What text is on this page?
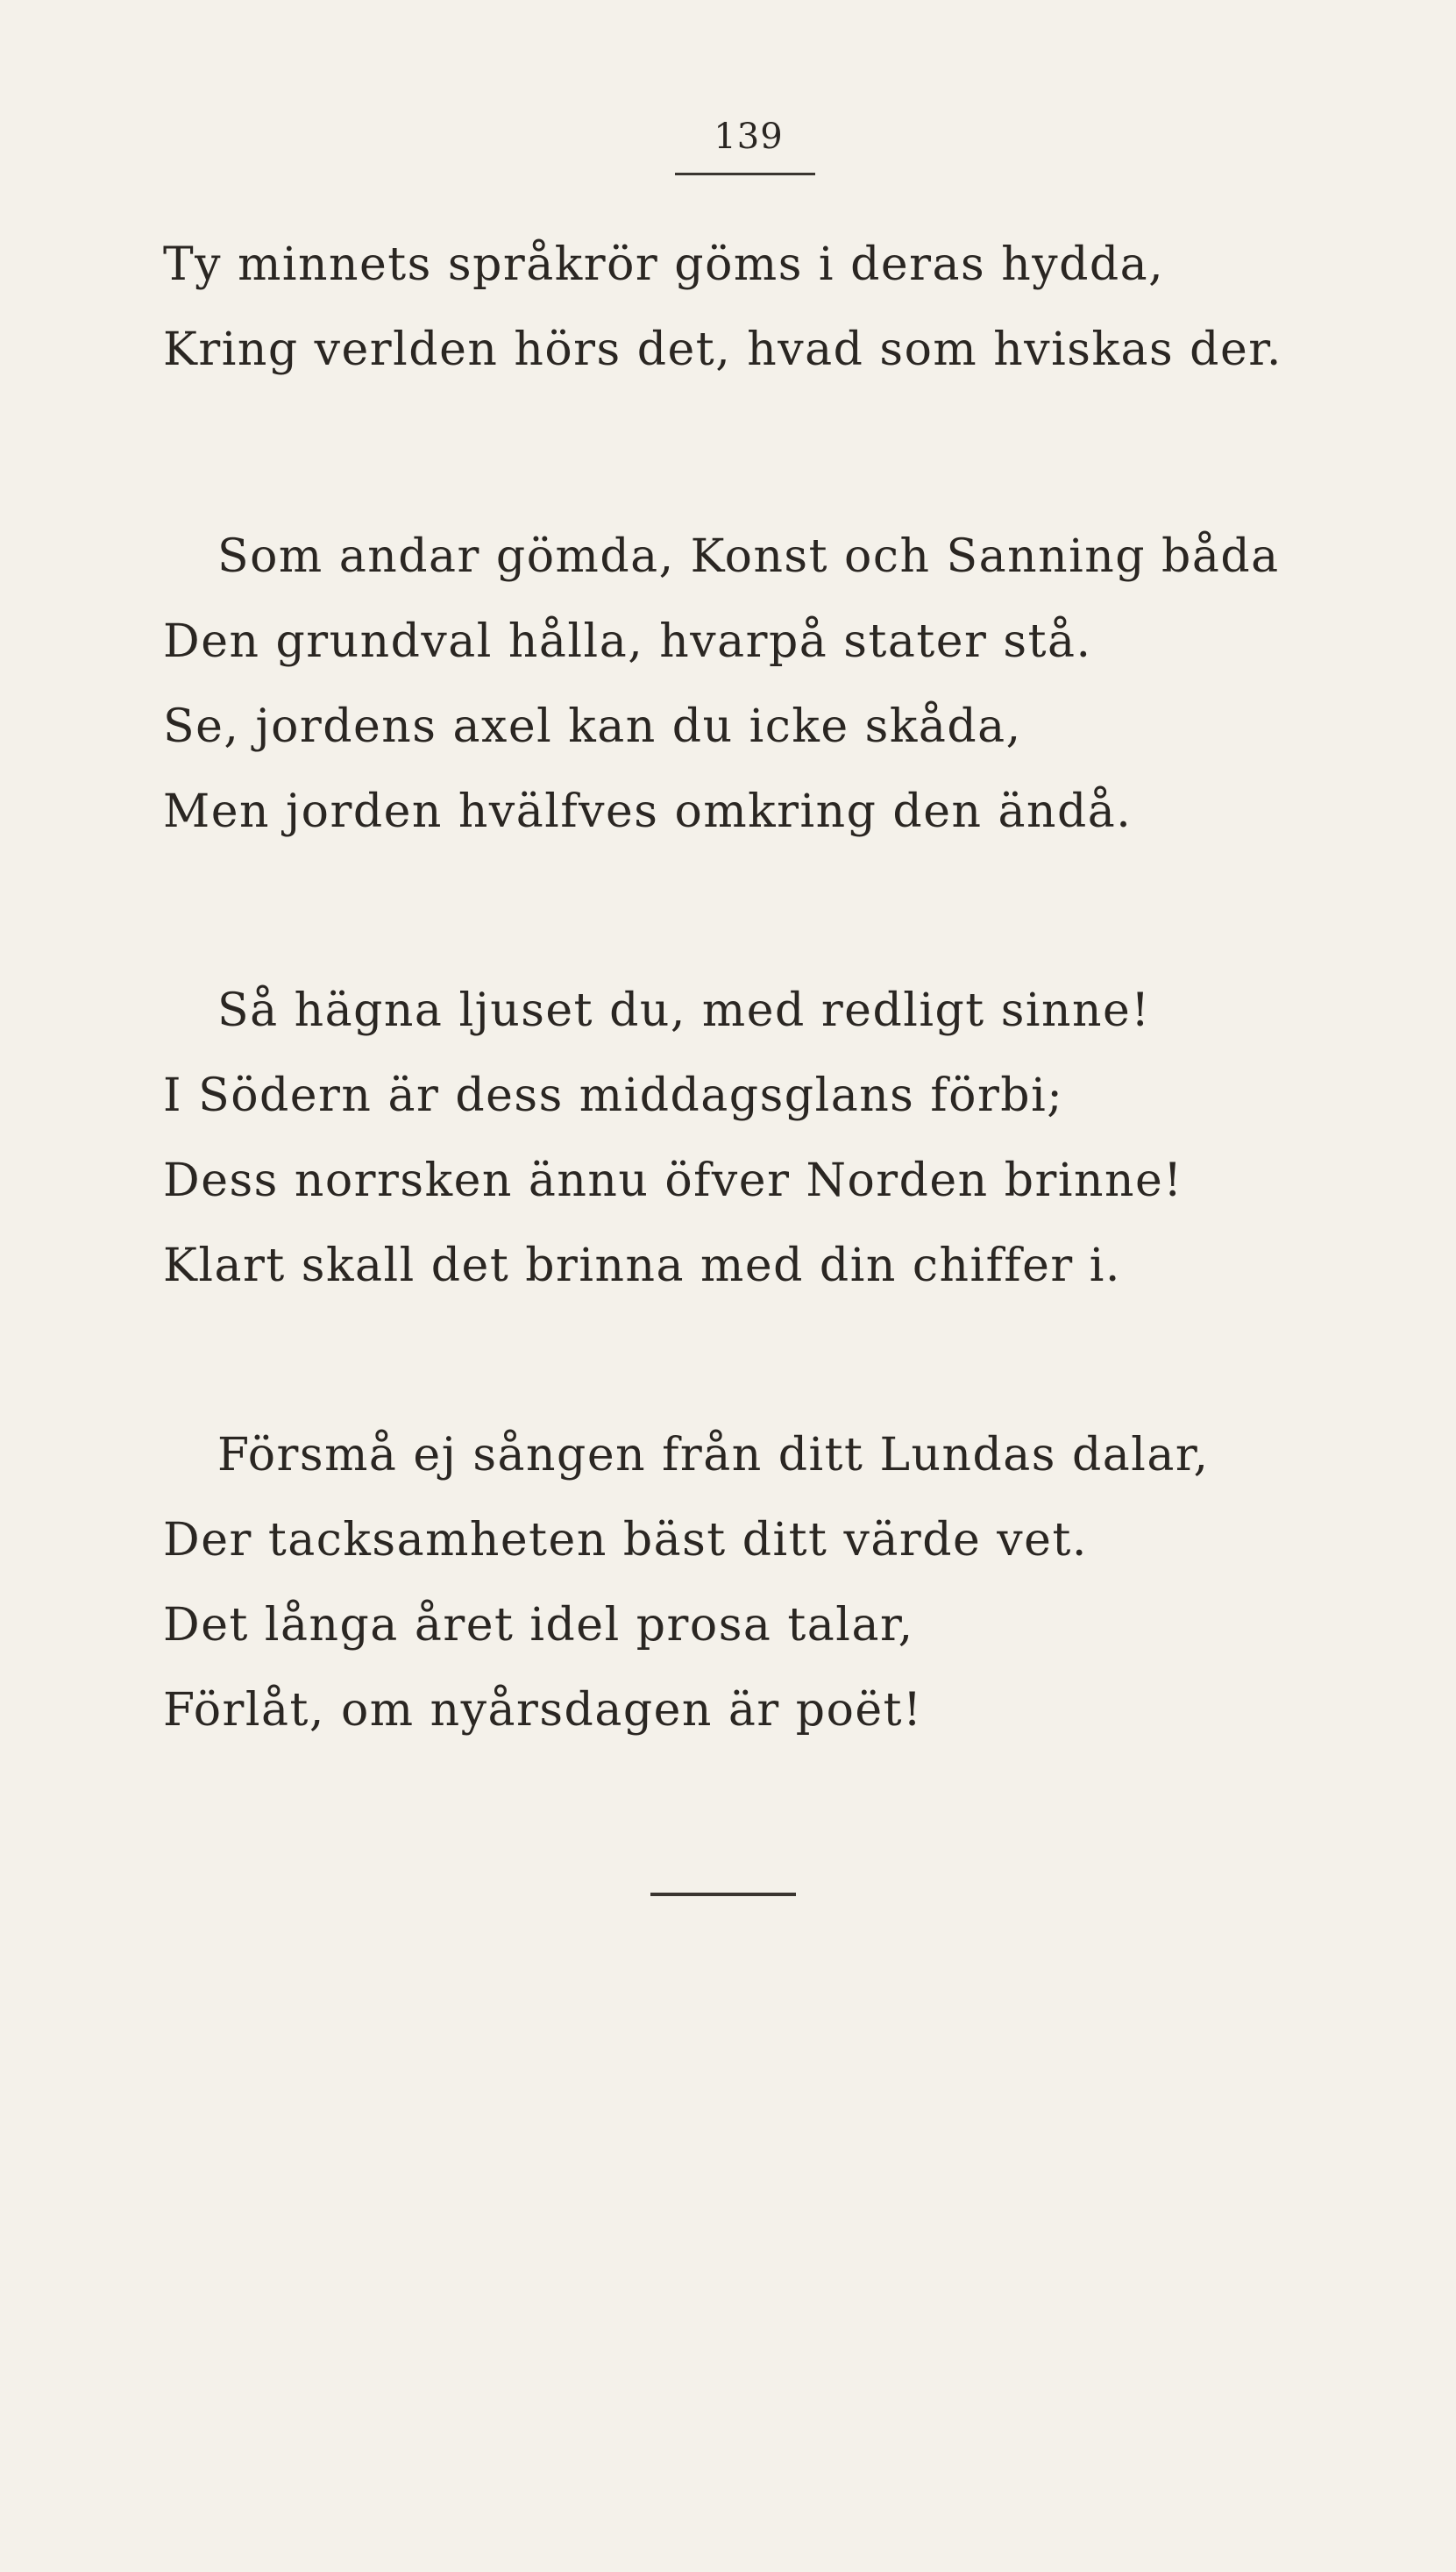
139
Ty minnets språkrör göms i deras hydda,
Kring verlden hörs det, hvad som hviskas der.
Som andar gömda, Konst och Sanning båda
Den grundval hålla, hvarpå stater stå.
Se, jordens axel kan du icke skåda,
Men jorden hvälfves omkring den ändå.
Så hägna ljuset du, med redligt sinne!
I Södern är dess middagsglans förbi;
Dess norrsken ännu öfver Norden brinne!
Klart skall det brinna med din chiffer i.
Försmå ej sången från ditt Lundas dalar,
Der tacksamheten bäst ditt värde vet.
Det långa året idel prosa talar,
Förlåt, om nyårsdagen är poët!
